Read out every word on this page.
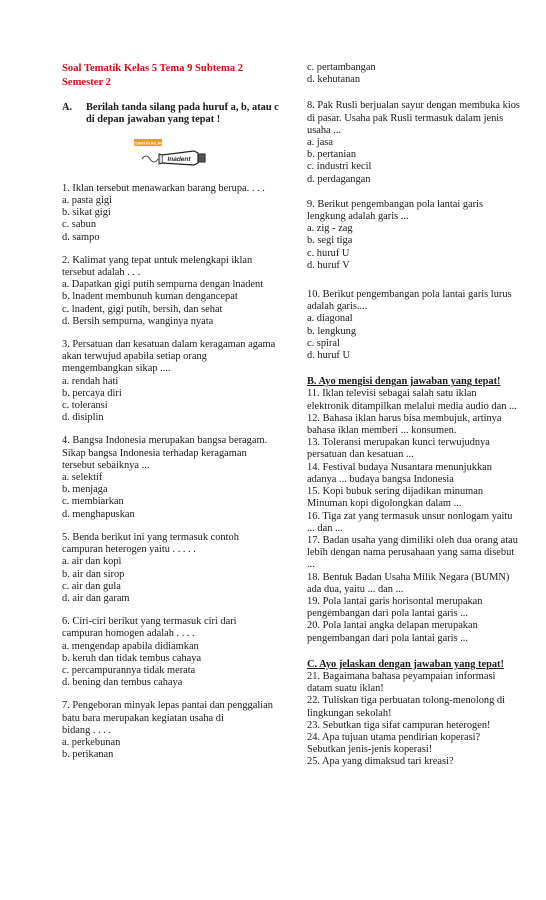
Soal Tematik Kelas 5 Tema 9 Subtema 2
Semester 2
A.	Berilah tanda silang pada huruf a, b, atau c di depan jawaban yang tepat !
CONTOH IKLAN
lnadent
1. Iklan tersebut menawarkan barang berupa. . . .
a. pasta gigi
b. sikat gigi
c. sabun
d. sampo
2. Kalimat yang tepat untuk melengkapi iklan
tersebut adalah . . .
a. Dapatkan gigi putih sempurna dengan lnadent
b. lnadent membunuh kuman dengancepat
c. lnadent, gigi putih, bersih, dan sehat
d. Bersih sempurna, wanginya nyata
3. Persatuan dan kesatuan dalam keragaman agama
akan terwujud apabila setiap orang
mengembangkan sikap ....
a. rendah hati
b. percaya diri
c. toleransi
d. disiplin
4. Bangsa Indonesia merupakan bangsa beragam.
Sikap bangsa Indonesia terhadap keragaman
tersebut sebaiknya ...
a. selektif
b. menjaga
c. membiarkan
d. menghapuskan
5. Benda berikut ini yang termasuk contoh
campuran heterogen yaitu . . . . .
a. air dan kopi
b. air dan sirop
c. air dan gula
d. air dan garam
6. Ciri-ciri berikut yang termasuk ciri dari
campuran homogen adalah . . . .
a. mengendap apabila didiamkan
b. keruh dan tidak tembus cahaya
c. percampurannya tidak merata
d. bening dan tembus cahaya
7. Pengeboran minyak lepas pantai dan penggalian
batu bara merupakan kegiatan usaha di
bidang . . . .
a. perkebunan
b. perikanan
c. pertambangan
d. kehutanan
8. Pak Rusli berjualan sayur dengan membuka kios
di pasar. Usaha pak Rusli termasuk dalam jenis
usaha ...
a. jasa
b. pertanian
c. industri kecil
d. perdagangan
9. Berikut pengembangan pola lantai garis
lengkung adalah garis ...
a. zig - zag
b. segi tiga
c. huruf U
d. huruf V
10. Berikut pengembangan pola lantai garis lurus
adalah garis....
a. diagonal
b. lengkung
c. spiral
d. huruf U
B. Ayo mengisi dengan jawaban yang tepat!
11. Iklan televisi sebagai salah satu iklan
elektronik ditampilkan melalui media audio dan ...
12. Bahasa iklan harus bisa membujuk, artinya
bahasa iklan memberi ... konsumen.
13. Toleransi merupakan kunci terwujudnya
persatuan dan kesatuan ...
14. Festival budaya Nusantara menunjukkan
adanya ... budaya bangsa Indonesia
15. Kopi bubuk sering dijadikan minuman
Minuman kopi digolongkan dalam ...
16. Tiga zat yang termasuk unsur nonlogam yaitu
... dan ...
17. Badan usaha yang dimiliki oleh dua orang atau
lebih dengan nama perusahaan yang sama disebut
...
18. Bentuk Badan Usaha Milik Negara (BUMN)
ada dua, yaitu ... dan ...
19. Pola lantai garis horisontal merupakan
pengembangan dari pola lantai garis ...
20. Pola lantai angka delapan merupakan
pengembangan dari pola lantai garis ...
C. Ayo jelaskan dengan jawaban yang tepat!
21. Bagaimana bahasa peyampaian informasi
datam suatu iklan!
22. Tuliskan tiga perbuatan tolong-menolong di
lingkungan sekolah!
23. Sebutkan tiga sifat campuran heterogen!
24. Apa tujuan utama pendirian koperasi?
Sebutkan jenis-jenis koperasi!
25. Apa yang dimaksud tari kreasi?
